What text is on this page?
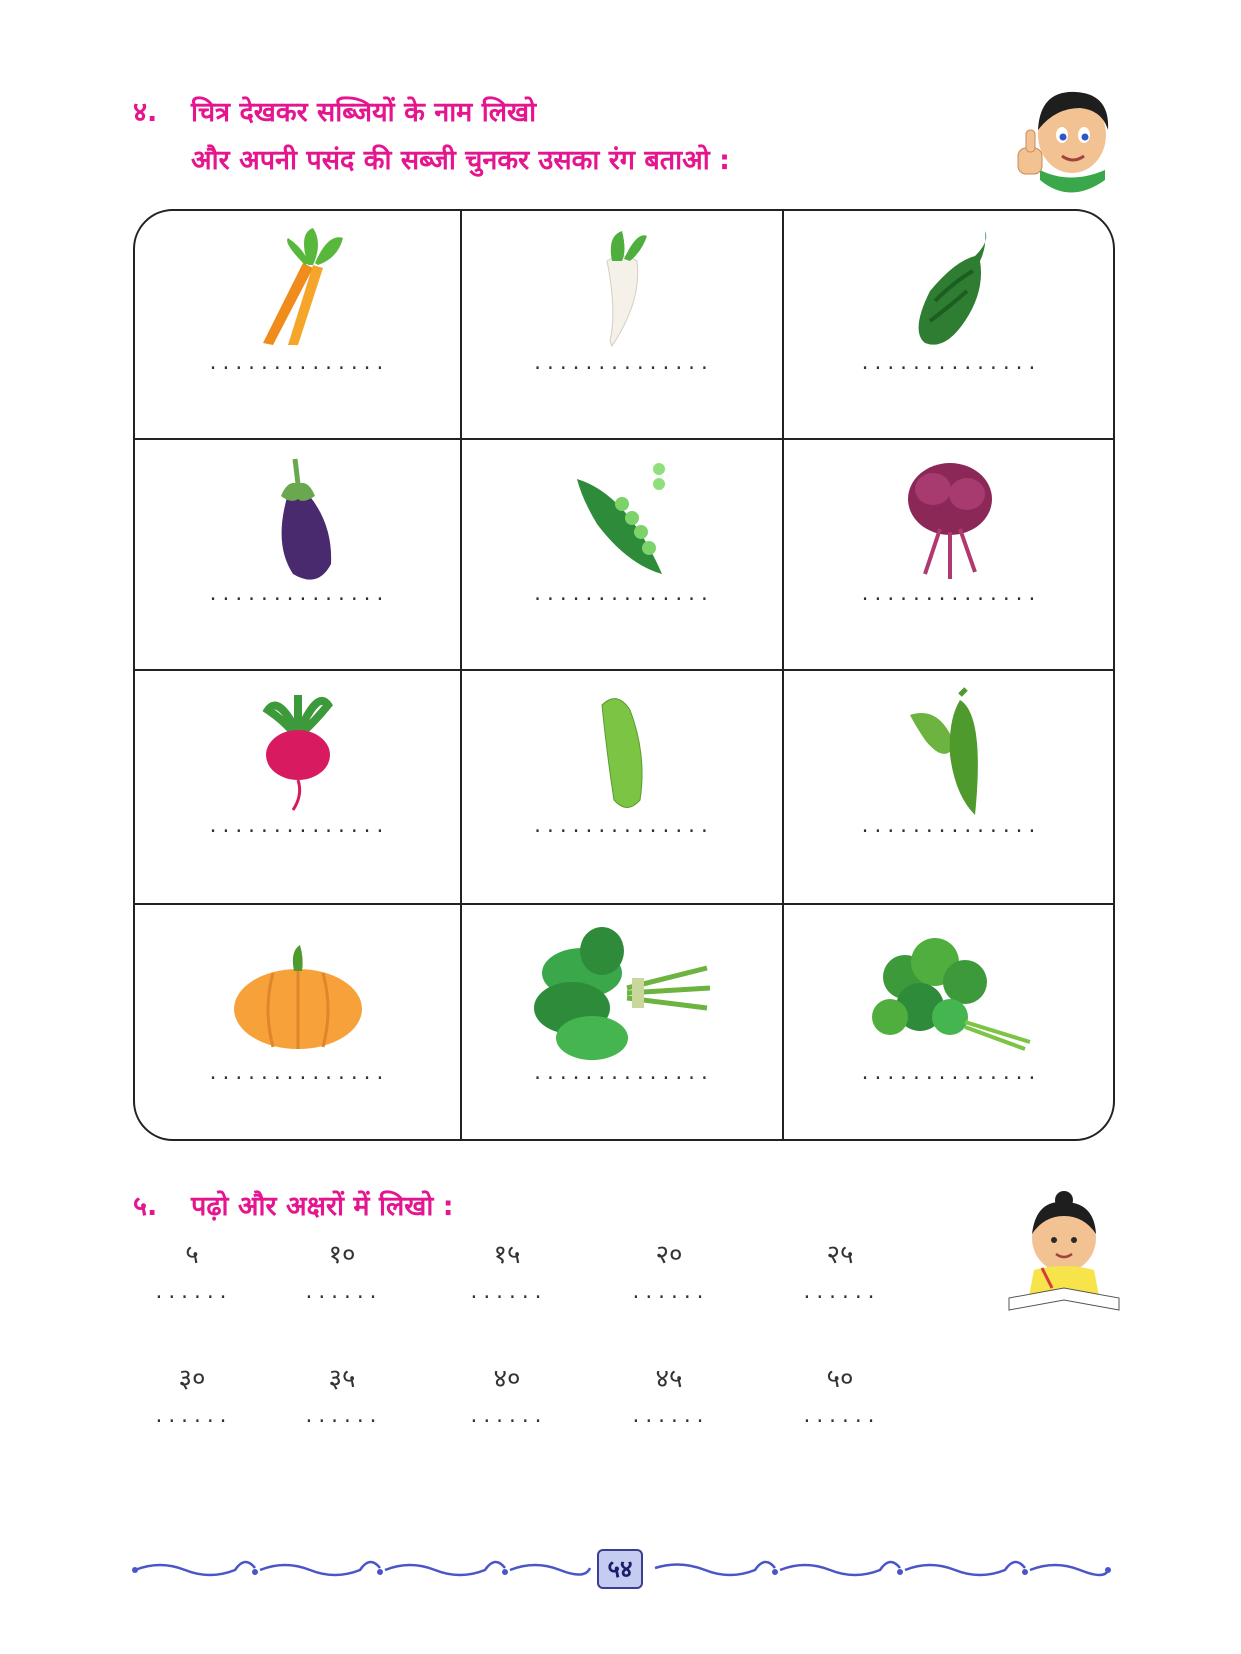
४. चित्र देखकर सब्जियों के नाम लिखो
और अपनी पसंद की सब्जी चुनकर उसका रंग बताओ :
..............	..............	..............
..............	..............	..............
..............	..............	..............
..............	..............	..............
५. पढ़ो और अक्षरों में लिखो :
५	१०	१५	२०	२५
......	......	......	......	......
३०	३५	४०	४५	५०
......	......	......	......	......
५४
